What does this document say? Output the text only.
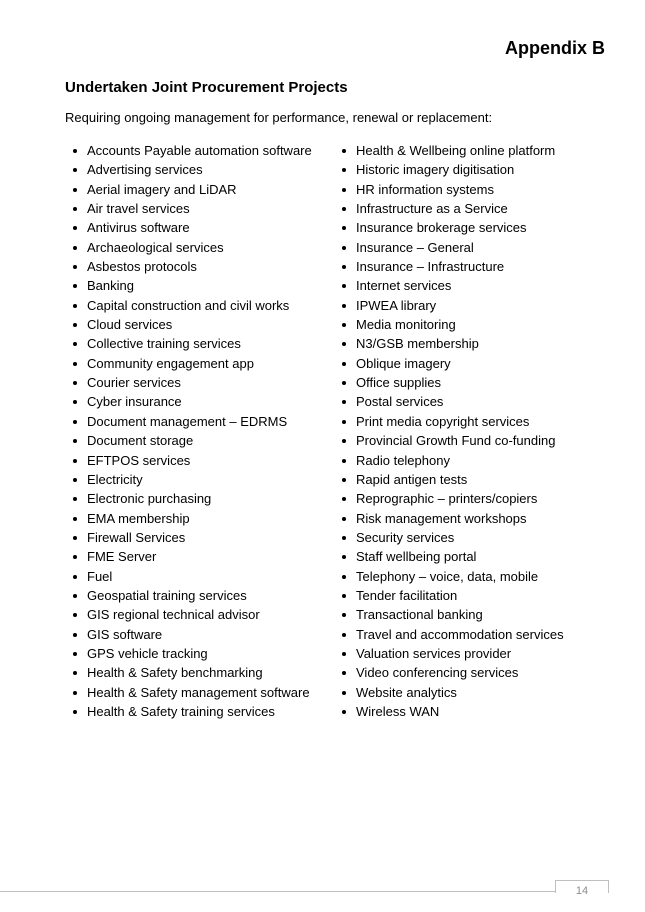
Appendix B
Undertaken Joint Procurement Projects

Requiring ongoing management for performance, renewal or replacement:

Accounts Payable automation software
Advertising services
Aerial imagery and LiDAR
Air travel services
Antivirus software
Archaeological services
Asbestos protocols
Banking
Capital construction and civil works
Cloud services
Collective training services
Community engagement app
Courier services
Cyber insurance
Document management – EDRMS
Document storage
EFTPOS services
Electricity
Electronic purchasing
EMA membership
Firewall Services
FME Server
Fuel
Geospatial training services
GIS regional technical advisor
GIS software
GPS vehicle tracking
Health & Safety benchmarking
Health & Safety management software
Health & Safety training services
Health & Wellbeing online platform
Historic imagery digitisation
HR information systems
Infrastructure as a Service
Insurance brokerage services
Insurance – General
Insurance – Infrastructure
Internet services
IPWEA library
Media monitoring
N3/GSB membership
Oblique imagery
Office supplies
Postal services
Print media copyright services
Provincial Growth Fund co-funding
Radio telephony
Rapid antigen tests
Reprographic – printers/copiers
Risk management workshops
Security services
Staff wellbeing portal
Telephony – voice, data, mobile
Tender facilitation
Transactional banking
Travel and accommodation services
Valuation services provider
Video conferencing services
Website analytics
Wireless WAN
14
